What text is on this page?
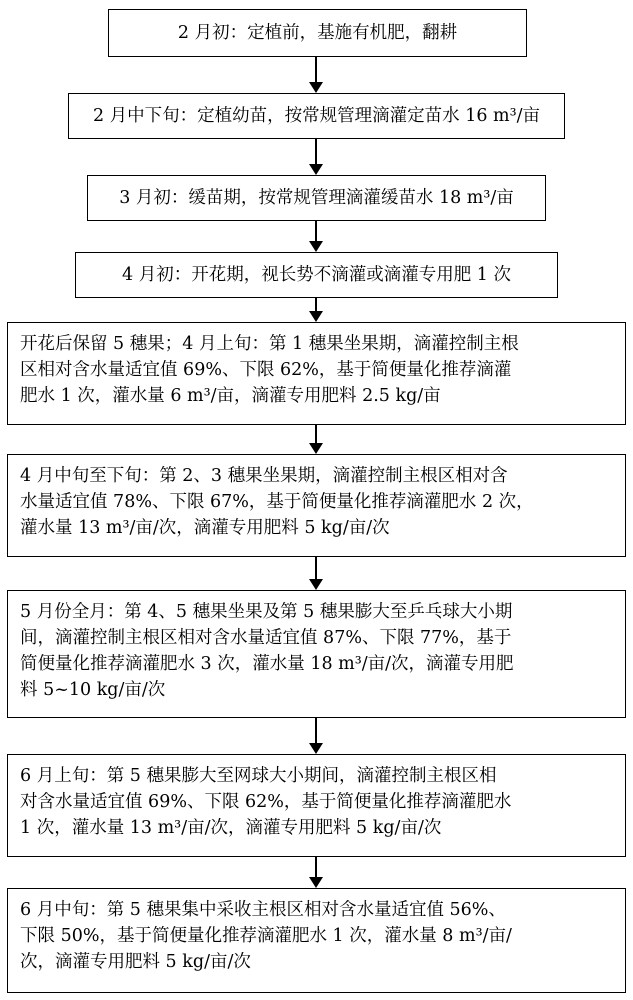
2 月初：定植前，基施有机肥，翻耕

2 月中下旬：定植幼苗，按常规管理滴灌定苗水 16 m³/亩

3 月初：缓苗期，按常规管理滴灌缓苗水 18 m³/亩

4 月初：开花期，视长势不滴灌或滴灌专用肥 1 次

开花后保留 5 穗果；4 月上旬：第 1 穗果坐果期，滴灌控制主根

区相对含水量适宜值 69%、下限 62%，基于简便量化推荐滴灌

肥水 1 次，灌水量 6 m³/亩，滴灌专用肥料 2.5 kg/亩

4 月中旬至下旬：第 2、3 穗果坐果期，滴灌控制主根区相对含

水量适宜值 78%、下限 67%，基于简便量化推荐滴灌肥水 2 次，

灌水量 13 m³/亩/次，滴灌专用肥料 5 kg/亩/次

5 月份全月：第 4、5 穗果坐果及第 5 穗果膨大至乒乓球大小期

间，滴灌控制主根区相对含水量适宜值 87%、下限 77%，基于

简便量化推荐滴灌肥水 3 次，灌水量 18 m³/亩/次，滴灌专用肥

料 5~10 kg/亩/次

6 月上旬：第 5 穗果膨大至网球大小期间，滴灌控制主根区相

对含水量适宜值 69%、下限 62%，基于简便量化推荐滴灌肥水

1 次，灌水量 13 m³/亩/次，滴灌专用肥料 5 kg/亩/次

6 月中旬：第 5 穗果集中采收主根区相对含水量适宜值 56%、

下限 50%，基于简便量化推荐滴灌肥水 1 次，灌水量 8 m³/亩/

次，滴灌专用肥料 5 kg/亩/次
